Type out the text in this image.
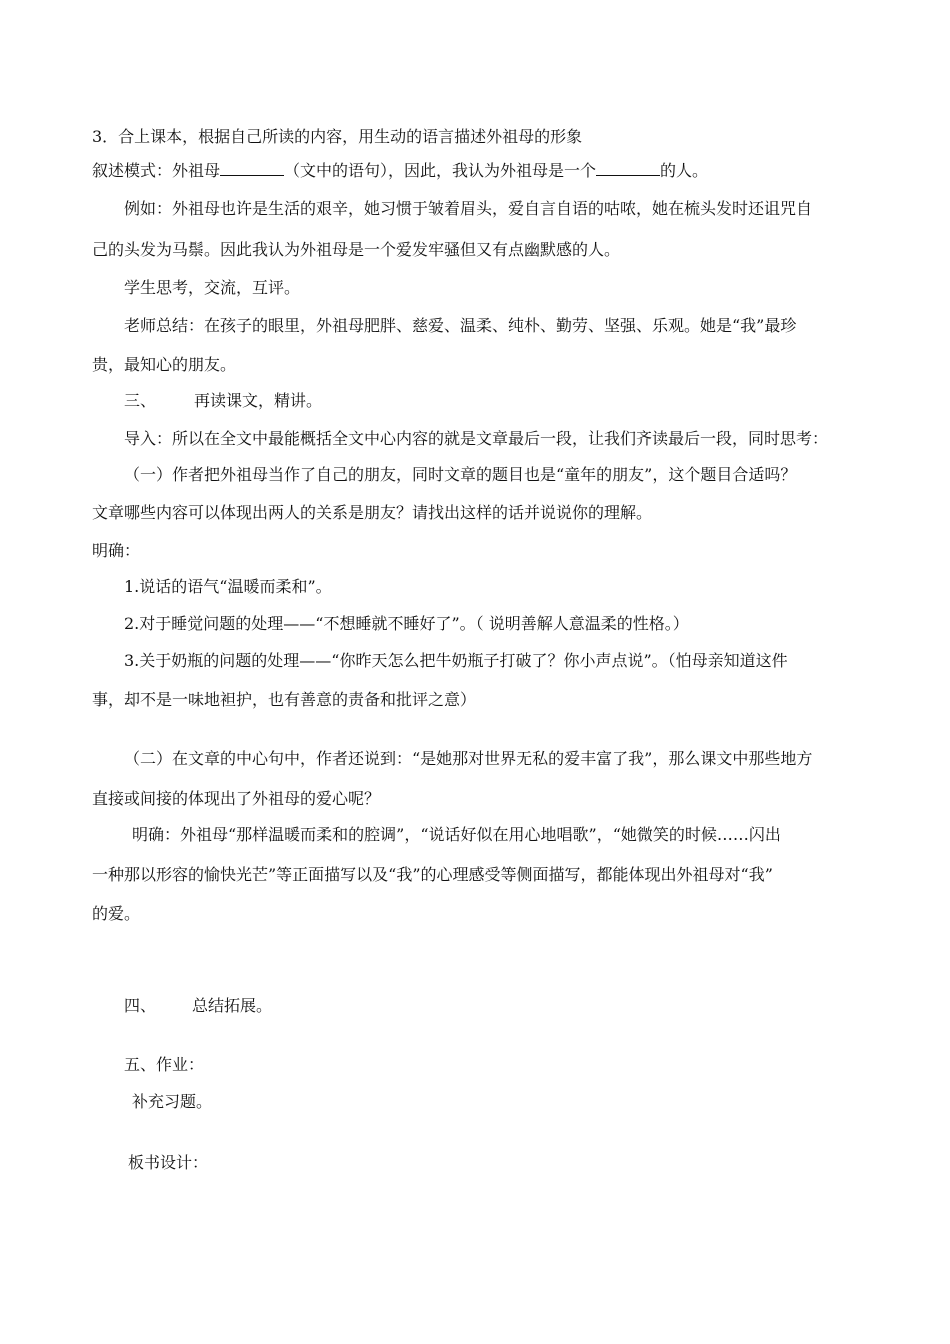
3．合上课本，根据自己所读的内容，用生动的语言描述外祖母的形象
叙述模式：外祖母	（文中的语句），因此，我认为外祖母是一个	的人。
例如：外祖母也许是生活的艰辛，她习惯于皱着眉头，爱自言自语的咕哝，她在梳头发时还诅咒自
己的头发为马鬃。因此我认为外祖母是一个爱发牢骚但又有点幽默感的人。
学生思考，交流，互评。
老师总结：在孩子的眼里，外祖母肥胖、慈爱、温柔、纯朴、勤劳、坚强、乐观。她是“我”最珍
贵，最知心的朋友。
三、 再读课文，精讲。
导入：所以在全文中最能概括全文中心内容的就是文章最后一段，让我们齐读最后一段，同时思考：
（一）作者把外祖母当作了自己的朋友，同时文章的题目也是“童年的朋友”，这个题目合适吗？
文章哪些内容可以体现出两人的关系是朋友？请找出这样的话并说说你的理解。
明确：
1.说话的语气“温暖而柔和”。
2.对于睡觉问题的处理——“不想睡就不睡好了”。（ 说明善解人意温柔的性格。）
3.关于奶瓶的问题的处理——“你昨天怎么把牛奶瓶子打破了？你小声点说”。（怕母亲知道这件
事，却不是一味地袒护，也有善意的责备和批评之意）
（二）在文章的中心句中，作者还说到：“是她那对世界无私的爱丰富了我”，那么课文中那些地方
直接或间接的体现出了外祖母的爱心呢？
明确：外祖母“那样温暖而柔和的腔调”，“说话好似在用心地唱歌”，“她微笑的时候……闪出
一种那以形容的愉快光芒”等正面描写以及“我”的心理感受等侧面描写，都能体现出外祖母对“我”
的爱。
四、 总结拓展。
五、作业：
补充习题。
板书设计：
